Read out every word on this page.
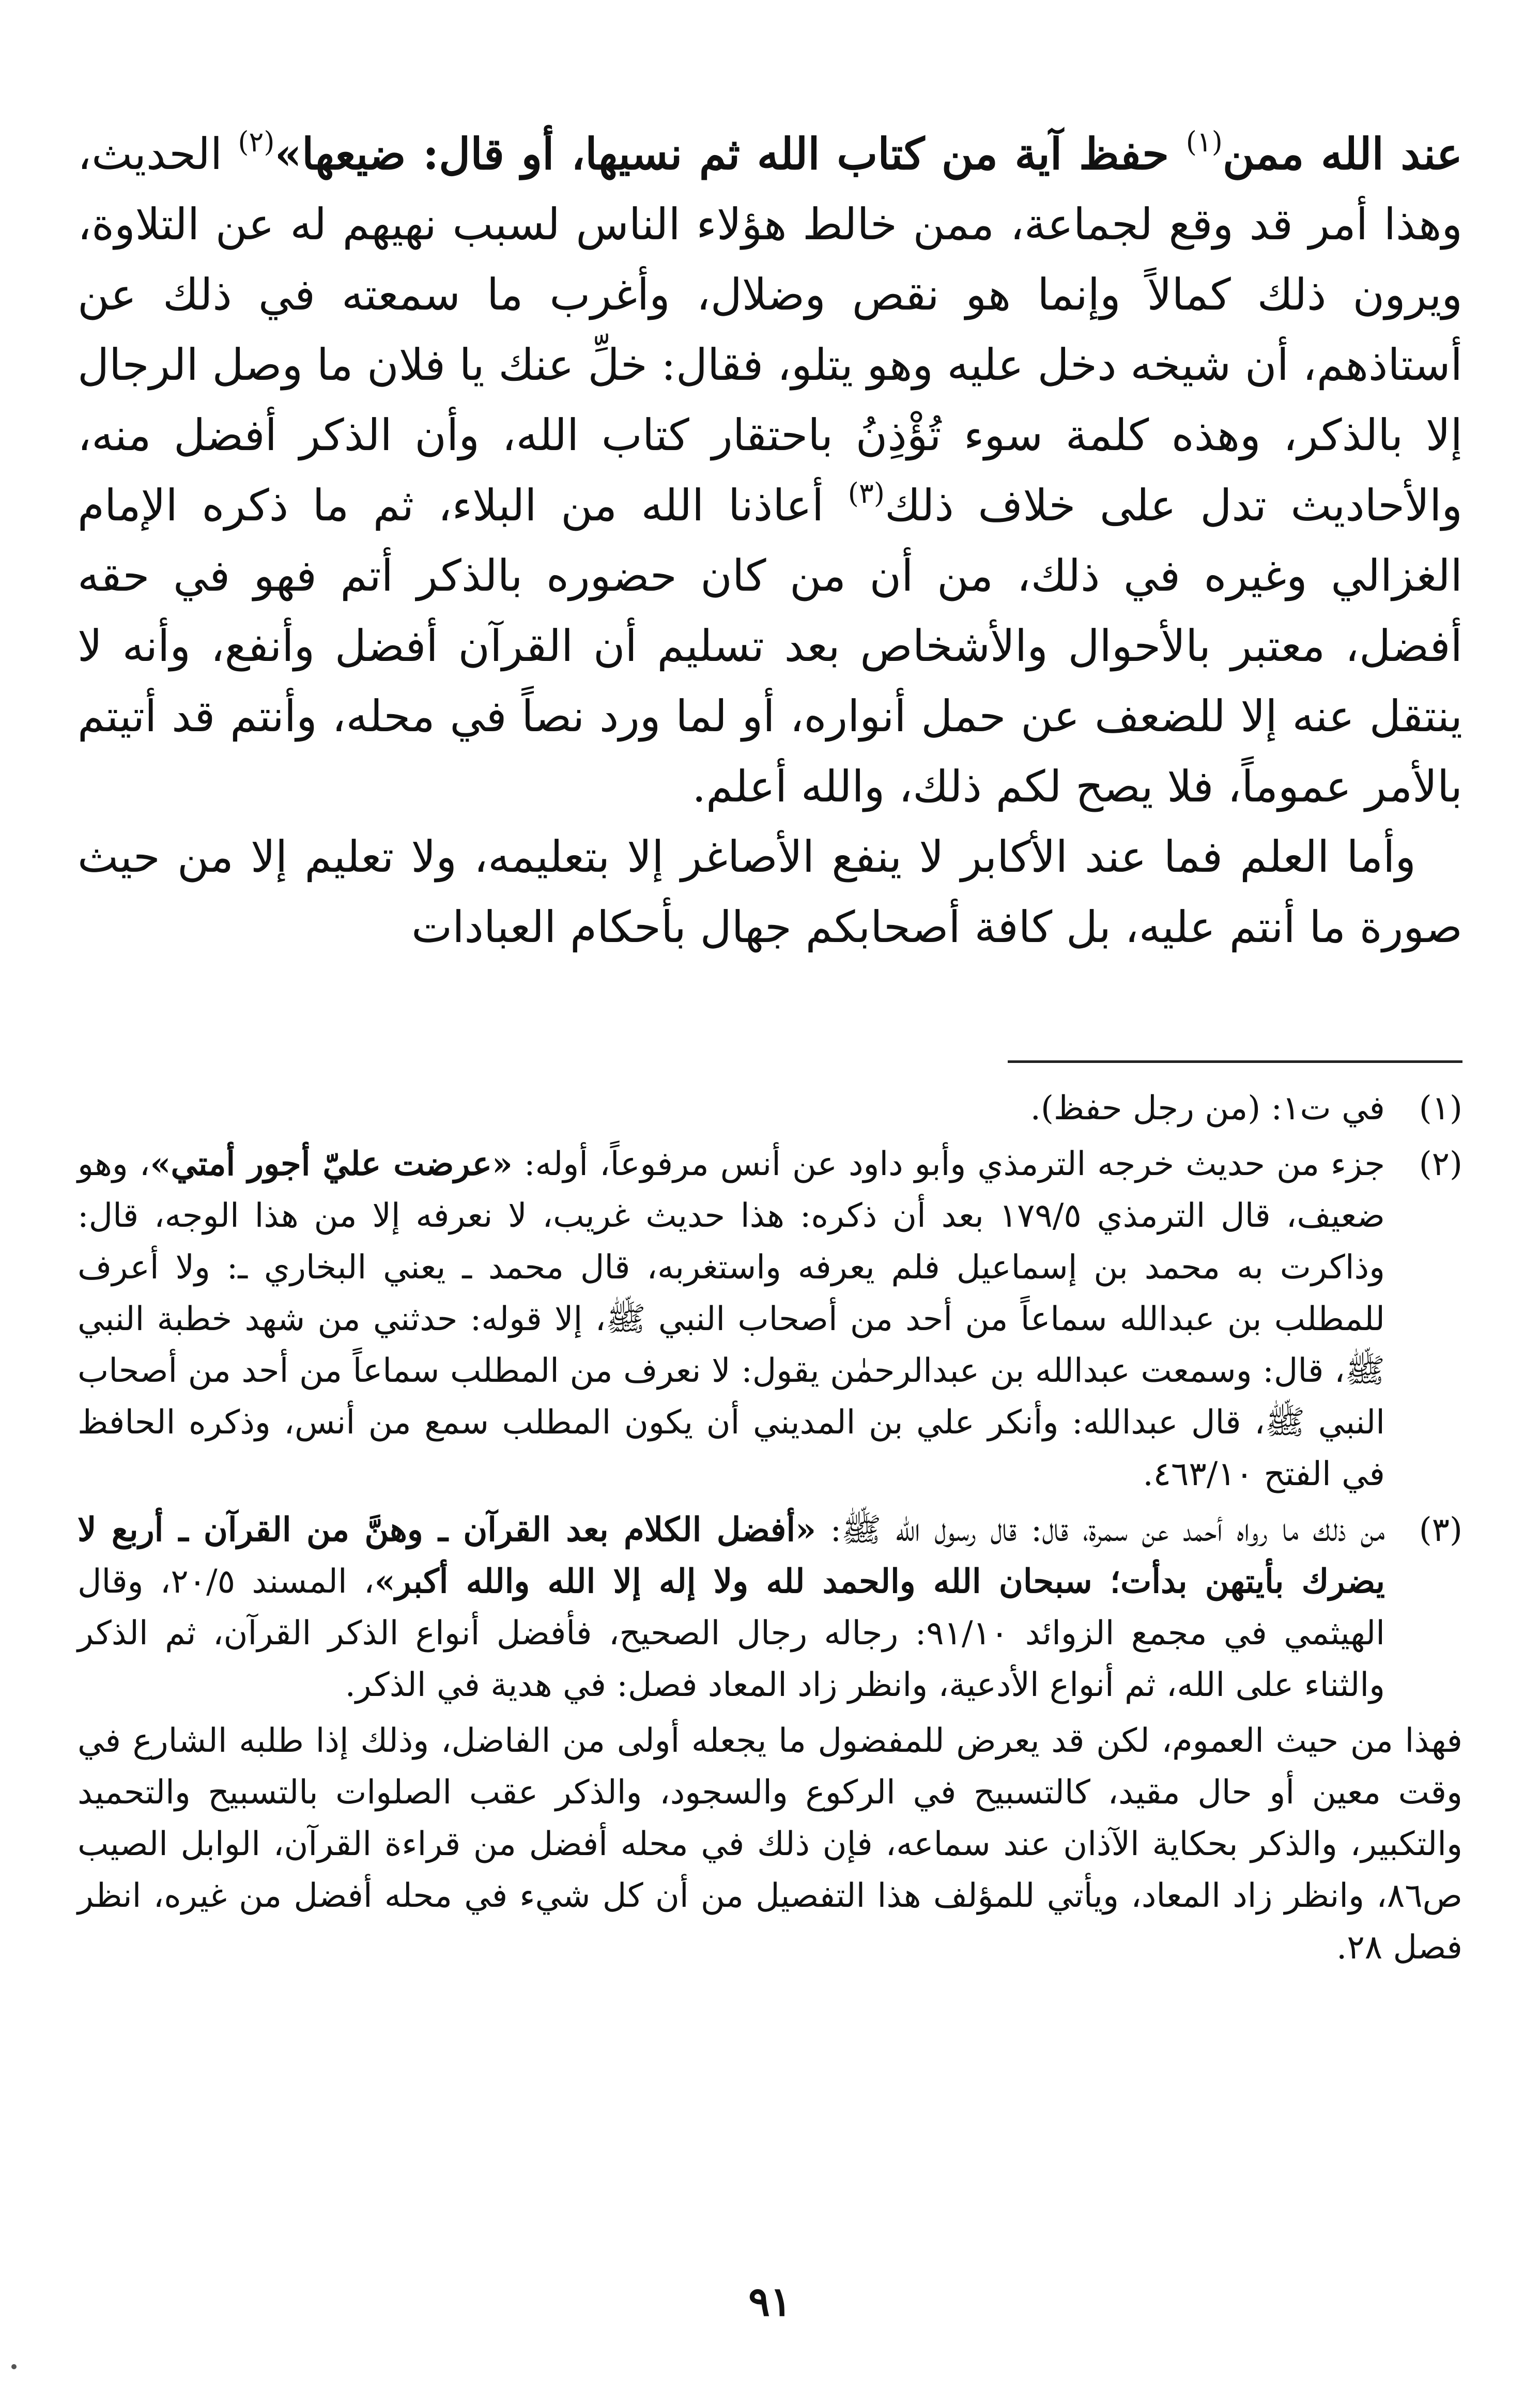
عند الله ممن$^{(١)}$ حفظ آية من كتاب الله ثم نسيها، أو قال: ضيعها»$^{(٢)}$ الحديث، وهذا أمر قد وقع لجماعة، ممن خالط هؤلاء الناس لسبب نهيهم له عن التلاوة، ويرون ذلك كمالاً وإنما هو نقص وضلال، وأغرب ما سمعته في ذلك عن أستاذهم، أن شيخه دخل عليه وهو يتلو، فقال: خلِّ عنك يا فلان ما وصل الرجال إلا بالذكر، وهذه كلمة سوء تُؤْذِنُ باحتقار كتاب الله، وأن الذكر أفضل منه، والأحاديث تدل على خلاف ذلك$^{(٣)}$ أعاذنا الله من البلاء، ثم ما ذكره الإمام الغزالي وغيره في ذلك، من أن من كان حضوره بالذكر أتم فهو في حقه أفضل، معتبر بالأحوال والأشخاص بعد تسليم أن القرآن أفضل وأنفع، وأنه لا ينتقل عنه إلا للضعف عن حمل أنواره، أو لما ورد نصاً في محله، وأنتم قد أتيتم بالأمر عموماً، فلا يصح لكم ذلك، والله أعلم.

وأما العلم فما عند الأكابر لا ينفع الأصاغر إلا بتعليمه، ولا تعليم إلا من حيث صورة ما أنتم عليه، بل كافة أصحابكم جهال بأحكام العبادات

(١)
في ت١: (من رجل حفظ).
(٢)
جزء من حديث خرجه الترمذي وأبو داود عن أنس مرفوعاً، أوله: «عرضت عليّ أجور أمتي»، وهو ضعيف، قال الترمذي ١٧٩/٥ بعد أن ذكره: هذا حديث غريب، لا نعرفه إلا من هذا الوجه، قال: وذاكرت به محمد بن إسماعيل فلم يعرفه واستغربه، قال محمد ـ يعني البخاري ـ: ولا أعرف للمطلب بن عبدالله سماعاً من أحد من أصحاب النبي ﷺ، إلا قوله: حدثني من شهد خطبة النبي ﷺ، قال: وسمعت عبدالله بن عبدالرحمٰن يقول: لا نعرف من المطلب سماعاً من أحد من أصحاب النبي ﷺ، قال عبدالله: وأنكر علي بن المديني أن يكون المطلب سمع من أنس، وذكره الحافظ في الفتح ٤٦٣/١٠.
(٣)
من ذلك ما رواه أحمد عن سمرة، قال: قال رسول الله ﷺ: «أفضل الكلام بعد القرآن ـ وهنَّ من القرآن ـ أربع لا يضرك بأيتهن بدأت؛ سبحان الله والحمد لله ولا إله إلا الله والله أكبر»، المسند ٢٠/٥، وقال الهيثمي في مجمع الزوائد ٩١/١٠: رجاله رجال الصحيح، فأفضل أنواع الذكر القرآن، ثم الذكر والثناء على الله، ثم أنواع الأدعية، وانظر زاد المعاد فصل: في هدية في الذكر.

فهذا من حيث العموم، لكن قد يعرض للمفضول ما يجعله أولى من الفاضل، وذلك إذا طلبه الشارع في وقت معين أو حال مقيد، كالتسبيح في الركوع والسجود، والذكر عقب الصلوات بالتسبيح والتحميد والتكبير، والذكر بحكاية الآذان عند سماعه، فإن ذلك في محله أفضل من قراءة القرآن، الوابل الصيب ص٨٦، وانظر زاد المعاد، ويأتي للمؤلف هذا التفصيل من أن كل شيء في محله أفضل من غيره، انظر فصل ٢٨.

٩١
